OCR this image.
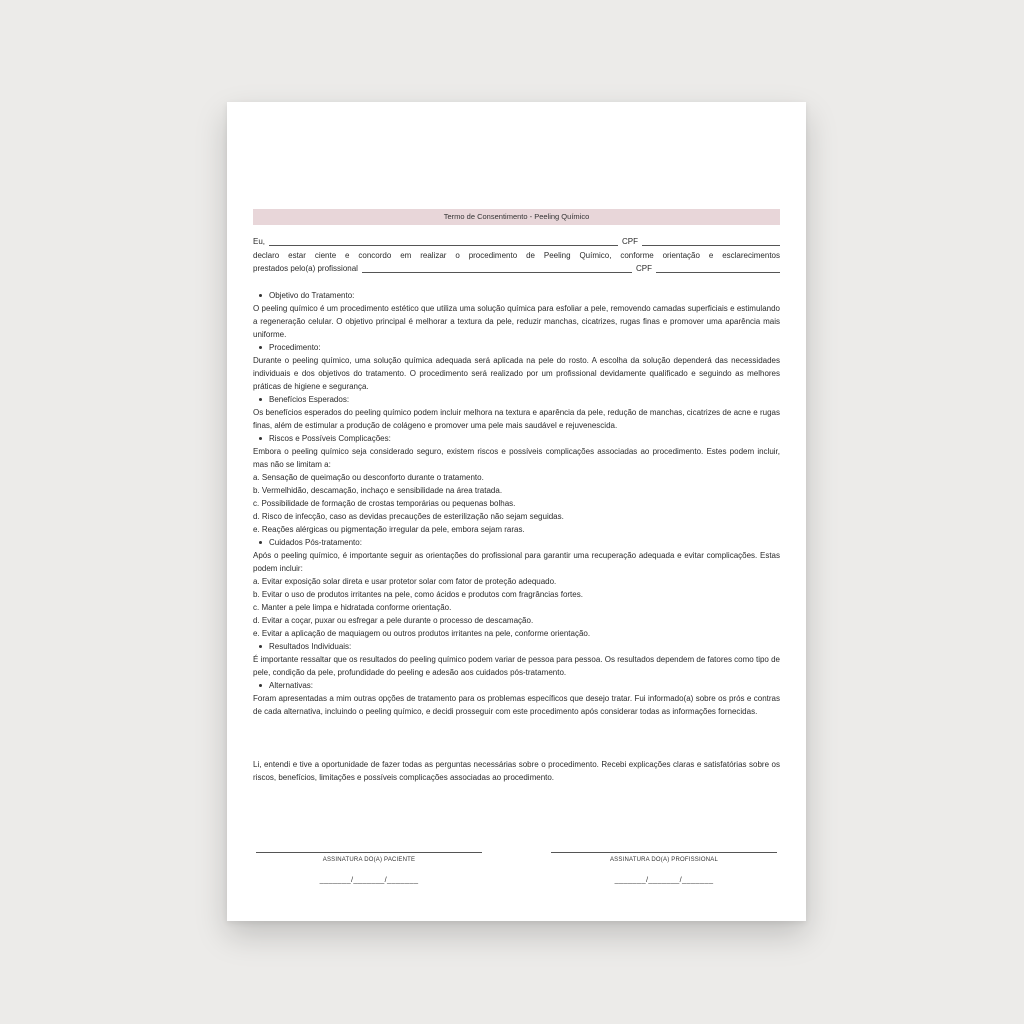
Termo de Consentimento - Peeling Químico
Eu,	CPF

declaro estar ciente e concordo em realizar o procedimento de Peeling Químico, conforme orientação e esclarecimentos

prestados pelo(a) profissional	CPF
Objetivo do Tratamento:

O peeling químico é um procedimento estético que utiliza uma solução química para esfoliar a pele, removendo camadas superficiais e estimulando a regeneração celular. O objetivo principal é melhorar a textura da pele, reduzir manchas, cicatrizes, rugas finas e promover uma aparência mais uniforme.

Procedimento:

Durante o peeling químico, uma solução química adequada será aplicada na pele do rosto. A escolha da solução dependerá das necessidades individuais e dos objetivos do tratamento. O procedimento será realizado por um profissional devidamente qualificado e seguindo as melhores práticas de higiene e segurança.

Benefícios Esperados:

Os benefícios esperados do peeling químico podem incluir melhora na textura e aparência da pele, redução de manchas, cicatrizes de acne e rugas finas, além de estimular a produção de colágeno e promover uma pele mais saudável e rejuvenescida.

Riscos e Possíveis Complicações:

Embora o peeling químico seja considerado seguro, existem riscos e possíveis complicações associadas ao procedimento. Estes podem incluir, mas não se limitam a:

a. Sensação de queimação ou desconforto durante o tratamento.
b. Vermelhidão, descamação, inchaço e sensibilidade na área tratada.
c. Possibilidade de formação de crostas temporárias ou pequenas bolhas.
d. Risco de infecção, caso as devidas precauções de esterilização não sejam seguidas.
e. Reações alérgicas ou pigmentação irregular da pele, embora sejam raras.
Cuidados Pós-tratamento:

Após o peeling químico, é importante seguir as orientações do profissional para garantir uma recuperação adequada e evitar complicações. Estas podem incluir:

a. Evitar exposição solar direta e usar protetor solar com fator de proteção adequado.
b. Evitar o uso de produtos irritantes na pele, como ácidos e produtos com fragrâncias fortes.
c. Manter a pele limpa e hidratada conforme orientação.
d. Evitar a coçar, puxar ou esfregar a pele durante o processo de descamação.
e. Evitar a aplicação de maquiagem ou outros produtos irritantes na pele, conforme orientação.
Resultados Individuais:

É importante ressaltar que os resultados do peeling químico podem variar de pessoa para pessoa. Os resultados dependem de fatores como tipo de pele, condição da pele, profundidade do peeling e adesão aos cuidados pós-tratamento.

Alternativas:

Foram apresentadas a mim outras opções de tratamento para os problemas específicos que desejo tratar. Fui informado(a) sobre os prós e contras de cada alternativa, incluindo o peeling químico, e decidi prosseguir com este procedimento após considerar todas as informações fornecidas.

Li, entendi e tive a oportunidade de fazer todas as perguntas necessárias sobre o procedimento. Recebi explicações claras e satisfatórias sobre os riscos, benefícios, limitações e possíveis complicações associadas ao procedimento.

ASSINATURA DO(A) PACIENTE
_______/_______/_______
ASSINATURA DO(A) PROFISSIONAL
_______/_______/_______
